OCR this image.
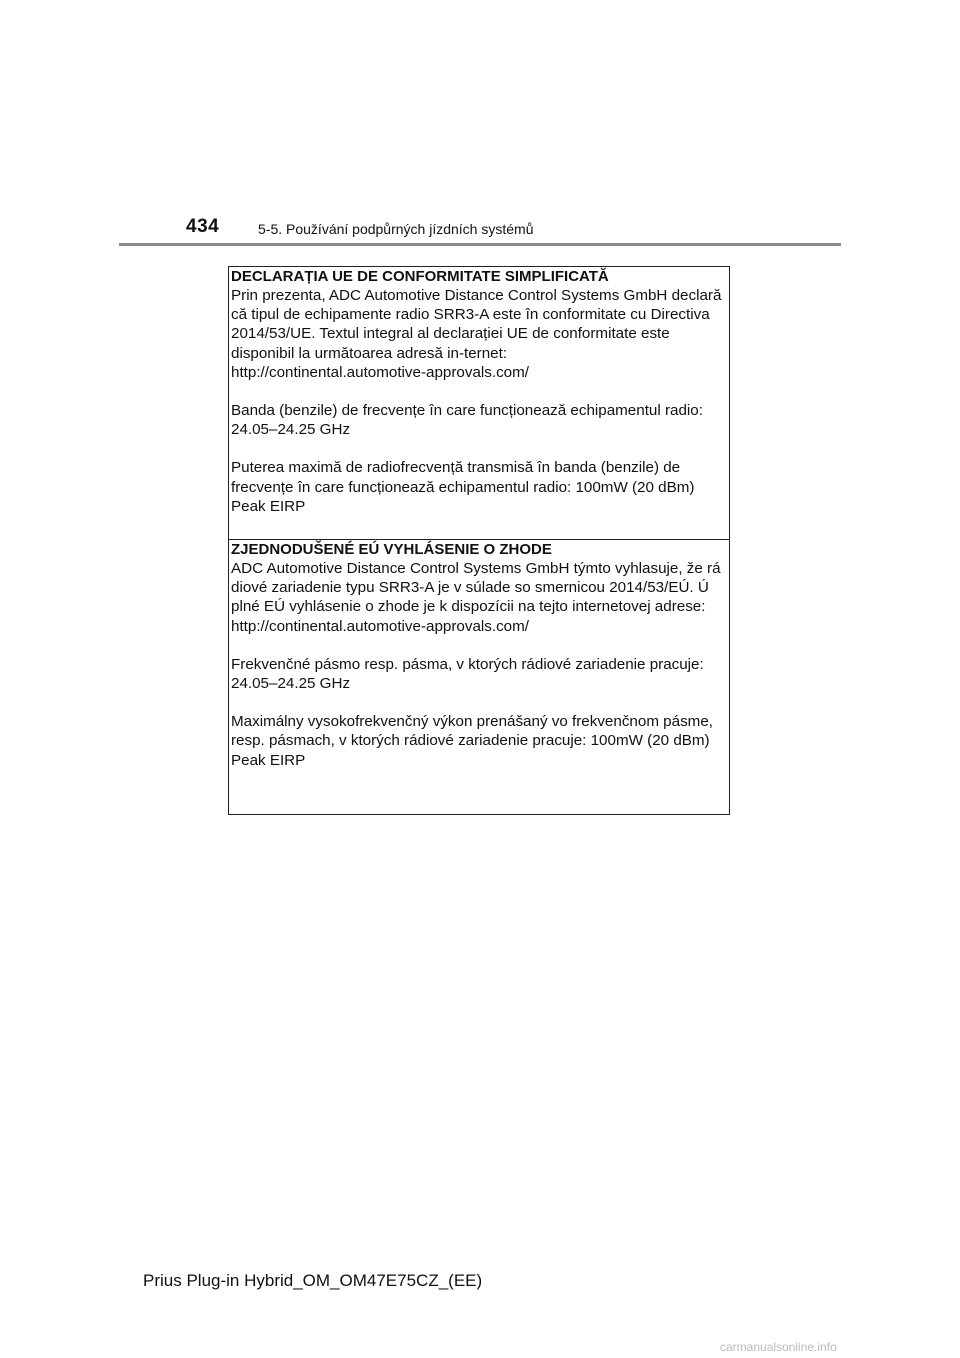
434	5-5. Používání podpůrných jízdních systémů

DECLARAȚIA UE DE CONFORMITATE SIMPLIFICATĂ

Prin prezenta, ADC Automotive Distance Control Systems GmbH declară
că tipul de echipamente radio SRR3-A este în conformitate cu Directiva
2014/53/UE. Textul integral al declarației UE de conformitate este
disponibil la următoarea adresă in-ternet:
http://continental.automotive-approvals.com/

Banda (benzile) de frecvențe în care funcționează echipamentul radio:
24.05–24.25 GHz

Puterea maximă de radiofrecvență transmisă în banda (benzile) de
frecvențe în care funcționează echipamentul radio: 100mW (20 dBm)
Peak EIRP

ZJEDNODUŠENÉ EÚ VYHLÁSENIE O ZHODE

ADC Automotive Distance Control Systems GmbH týmto vyhlasuje, že rá
diové zariadenie typu SRR3-A je v súlade so smernicou 2014/53/EÚ. Ú
plné EÚ vyhlásenie o zhode je k dispozícii na tejto internetovej adrese:
http://continental.automotive-approvals.com/

Frekvenčné pásmo resp. pásma, v ktorých rádiové zariadenie pracuje:
24.05–24.25 GHz

Maximálny vysokofrekvenčný výkon prenášaný vo frekvenčnom pásme,
resp. pásmach, v ktorých rádiové zariadenie pracuje: 100mW (20 dBm)
Peak EIRP

Prius Plug-in Hybrid_OM_OM47E75CZ_(EE)
carmanualsonline.info
